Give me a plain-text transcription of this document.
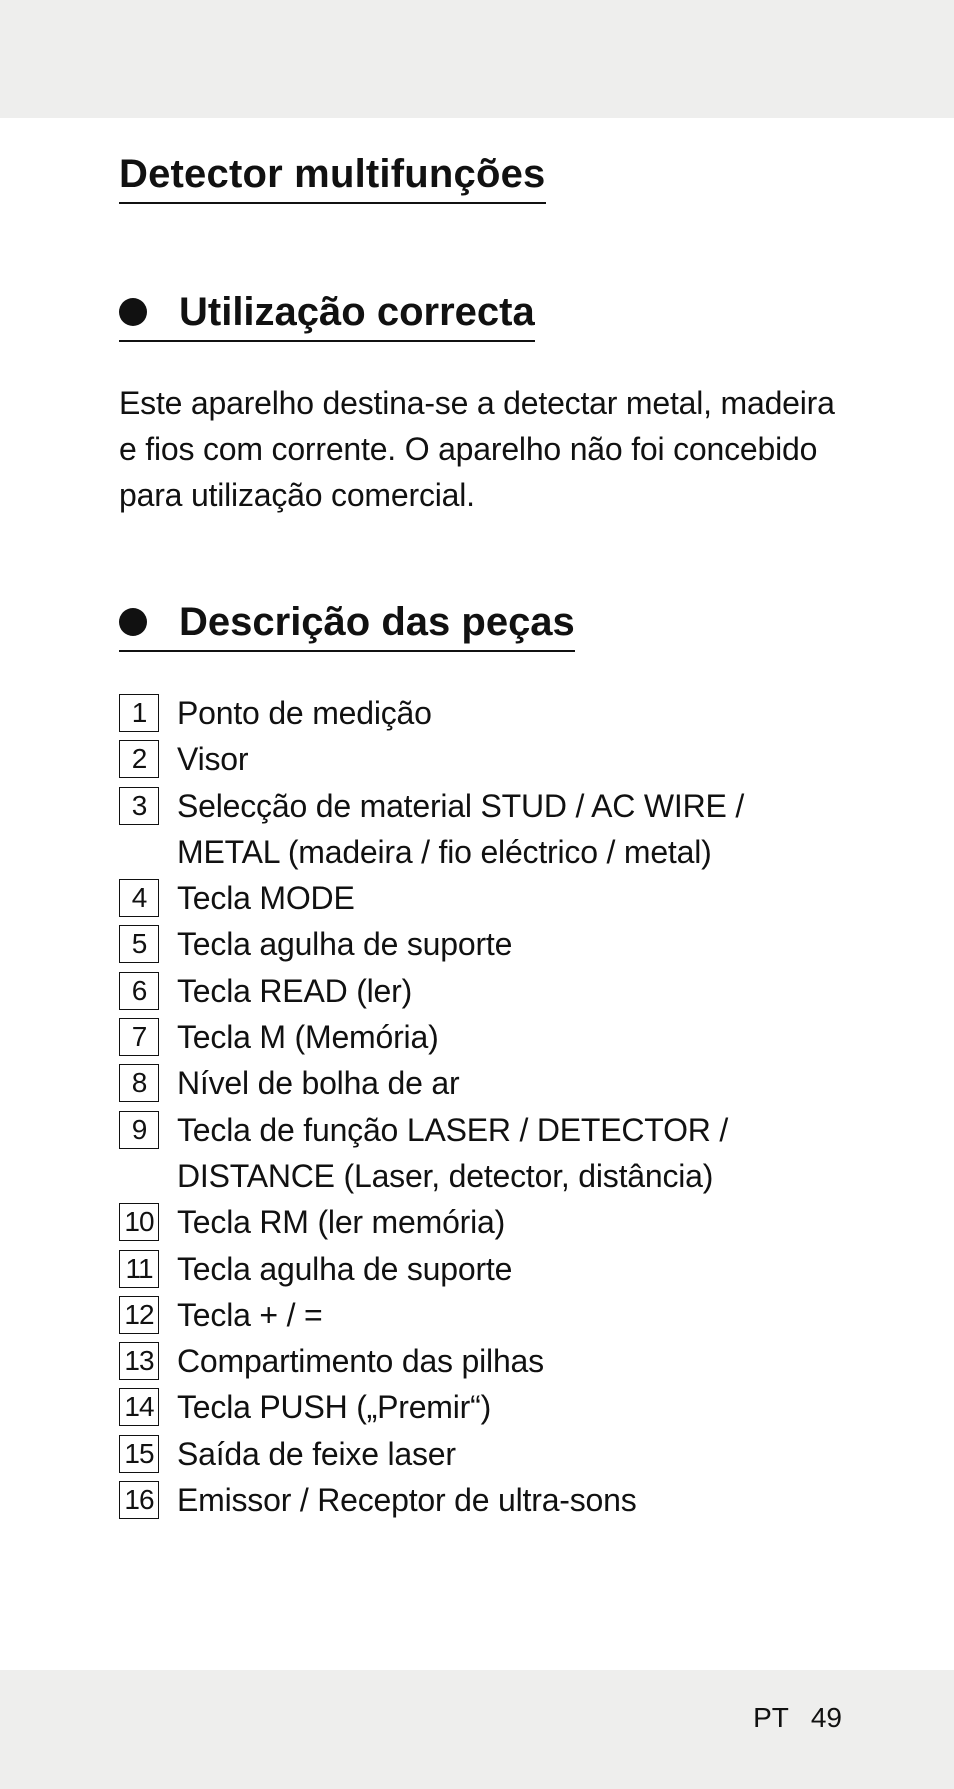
Detector multifunções
Utilização correcta

Este aparelho destina-se a detectar metal, madeira e fios com corrente. O aparelho não foi concebido para utilização comercial.

Descrição das peças
1 Ponto de medição
2 Visor
3 Selecção de material STUD / AC WIRE / METAL (madeira / fio eléctrico / metal)
4 Tecla MODE
5 Tecla agulha de suporte
6 Tecla READ (ler)
7 Tecla M (Memória)
8 Nível de bolha de ar
9 Tecla de função LASER / DETECTOR / DISTANCE (Laser, detector, distância)
10 Tecla RM (ler memória)
11 Tecla agulha de suporte
12 Tecla + / =
13 Compartimento das pilhas
14 Tecla PUSH („Premir“)
15 Saída de feixe laser
16 Emissor / Receptor de ultra-sons
PT 49
